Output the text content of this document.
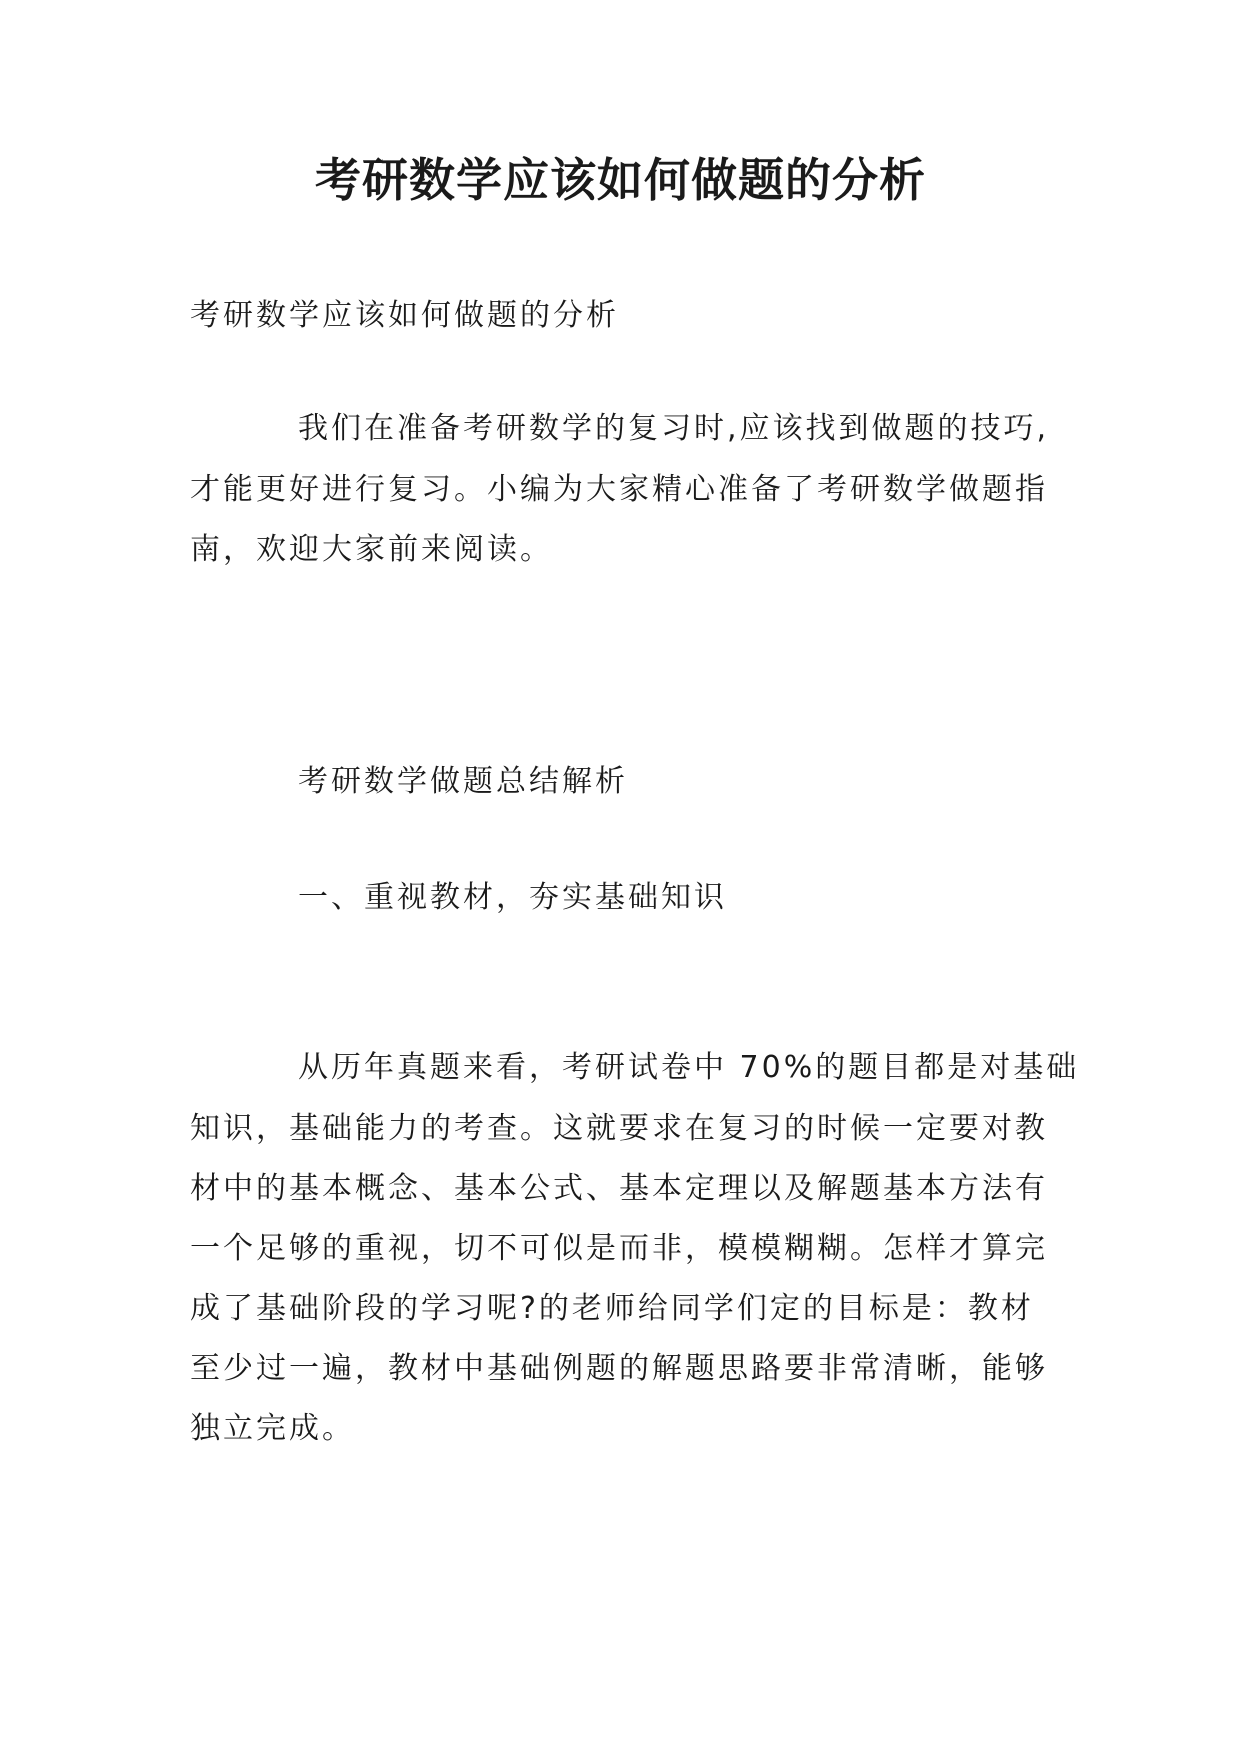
考研数学应该如何做题的分析
考研数学应该如何做题的分析
我们在准备考研数学的复习时,应该找到做题的技巧,
才能更好进行复习。小编为大家精心准备了考研数学做题指
南，欢迎大家前来阅读。
考研数学做题总结解析
一、重视教材，夯实基础知识
从历年真题来看，考研试卷中 70%的题目都是对基础
知识，基础能力的考查。这就要求在复习的时候一定要对教
材中的基本概念、基本公式、基本定理以及解题基本方法有
一个足够的重视，切不可似是而非，模模糊糊。怎样才算完
成了基础阶段的学习呢?的老师给同学们定的目标是：教材
至少过一遍，教材中基础例题的解题思路要非常清晰，能够
独立完成。
